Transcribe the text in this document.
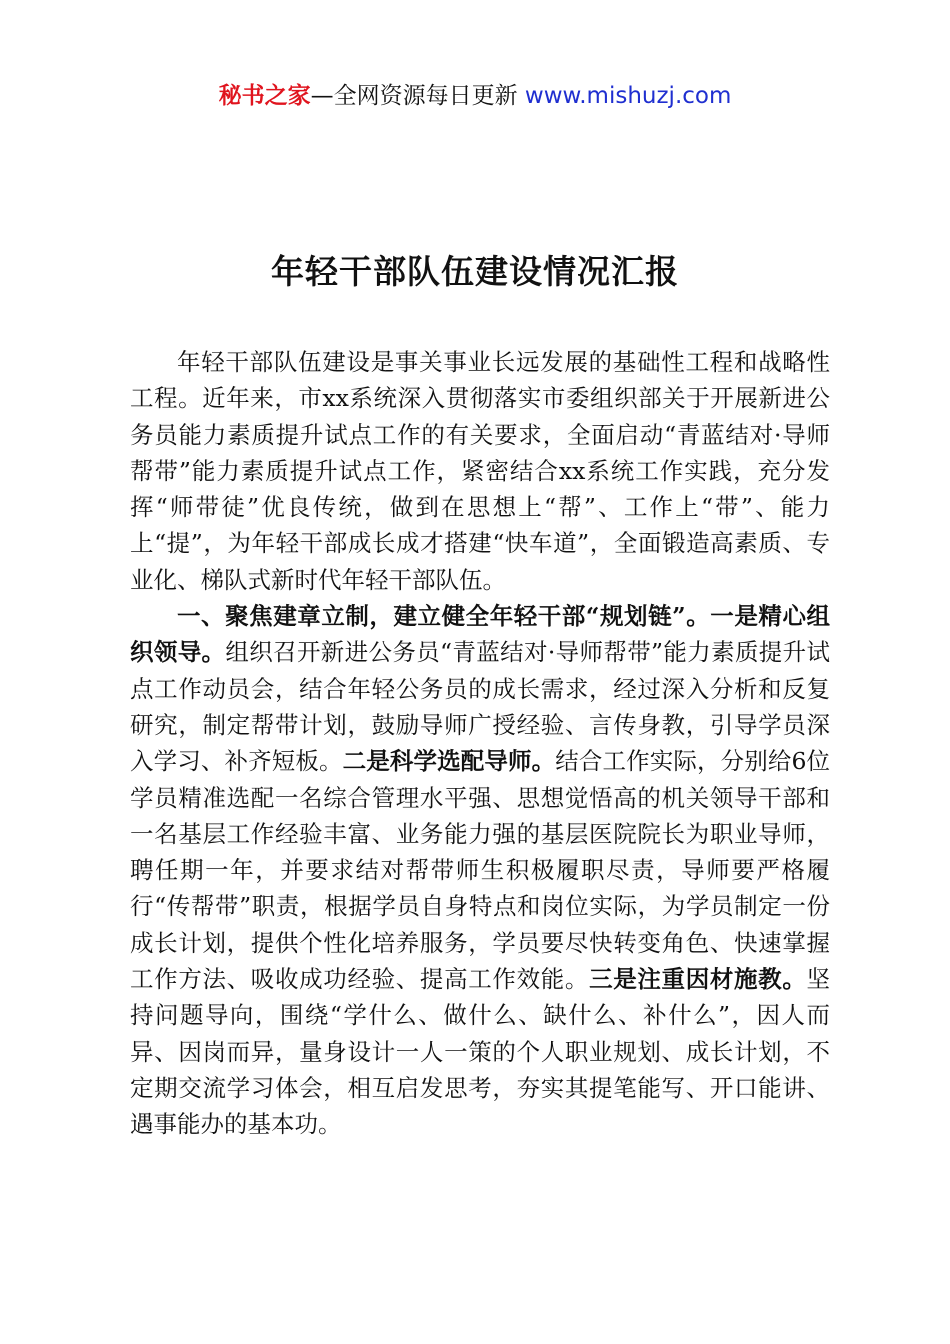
秘书之家—全网资源每日更新 www.mishuzj.com
年轻干部队伍建设情况汇报

年轻干部队伍建设是事关事业长远发展的基础性工程和战略性工程。近年来，市xx系统深入贯彻落实市委组织部关于开展新进公务员能力素质提升试点工作的有关要求，全面启动“青蓝结对·导师帮带”能力素质提升试点工作，紧密结合xx系统工作实践，充分发挥“师带徒”优良传统，做到在思想上“帮”、工作上“带”、能力上“提”，为年轻干部成长成才搭建“快车道”，全面锻造高素质、专业化、梯队式新时代年轻干部队伍。

一、聚焦建章立制，建立健全年轻干部“规划链”。一是精心组织领导。组织召开新进公务员“青蓝结对·导师帮带”能力素质提升试点工作动员会，结合年轻公务员的成长需求，经过深入分析和反复研究，制定帮带计划，鼓励导师广授经验、言传身教，引导学员深入学习、补齐短板。二是科学选配导师。结合工作实际，分别给6位学员精准选配一名综合管理水平强、思想觉悟高的机关领导干部和一名基层工作经验丰富、业务能力强的基层医院院长为职业导师，聘任期一年，并要求结对帮带师生积极履职尽责，导师要严格履行“传帮带”职责，根据学员自身特点和岗位实际，为学员制定一份成长计划，提供个性化培养服务，学员要尽快转变角色、快速掌握工作方法、吸收成功经验、提高工作效能。三是注重因材施教。坚持问题导向，围绕“学什么、做什么、缺什么、补什么”，因人而异、因岗而异，量身设计一人一策的个人职业规划、成长计划，不定期交流学习体会，相互启发思考，夯实其提笔能写、开口能讲、遇事能办的基本功。
